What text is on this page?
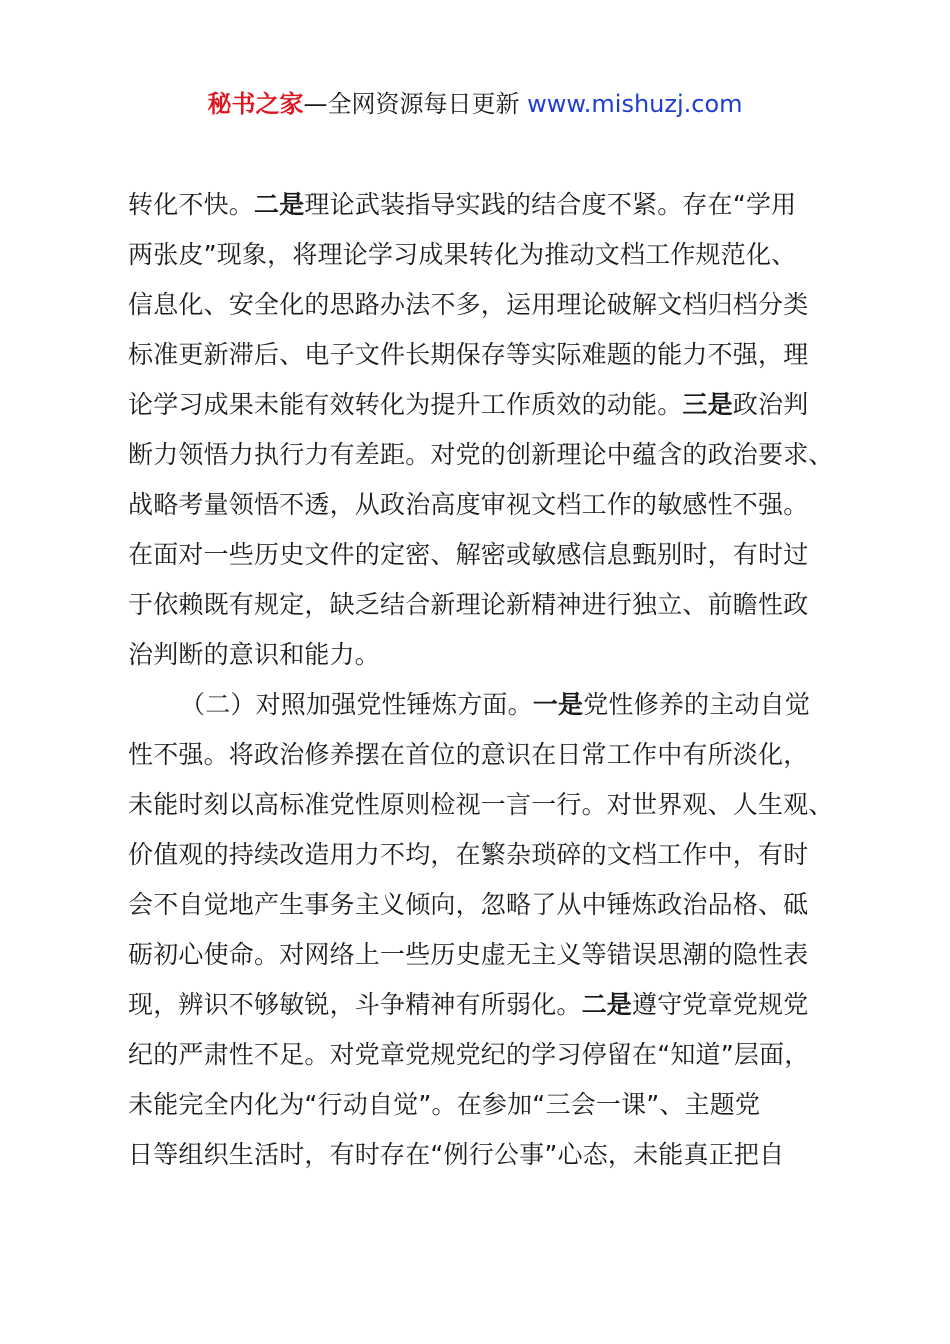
秘书之家—全网资源每日更新 www.mishuzj.com
转化不快。二是理论武装指导实践的结合度不紧。存在“学用
两张皮”现象，将理论学习成果转化为推动文档工作规范化、
信息化、安全化的思路办法不多，运用理论破解文档归档分类
标准更新滞后、电子文件长期保存等实际难题的能力不强，理
论学习成果未能有效转化为提升工作质效的动能。三是政治判
断力领悟力执行力有差距。对党的创新理论中蕴含的政治要求、
战略考量领悟不透，从政治高度审视文档工作的敏感性不强。
在面对一些历史文件的定密、解密或敏感信息甄别时，有时过
于依赖既有规定，缺乏结合新理论新精神进行独立、前瞻性政
治判断的意识和能力。
（二）对照加强党性锤炼方面。一是党性修养的主动自觉
性不强。将政治修养摆在首位的意识在日常工作中有所淡化，
未能时刻以高标准党性原则检视一言一行。对世界观、人生观、
价值观的持续改造用力不均，在繁杂琐碎的文档工作中，有时
会不自觉地产生事务主义倾向，忽略了从中锤炼政治品格、砥
砺初心使命。对网络上一些历史虚无主义等错误思潮的隐性表
现，辨识不够敏锐，斗争精神有所弱化。二是遵守党章党规党
纪的严肃性不足。对党章党规党纪的学习停留在“知道”层面，
未能完全内化为“行动自觉”。在参加“三会一课”、主题党
日等组织生活时，有时存在“例行公事”心态，未能真正把自
